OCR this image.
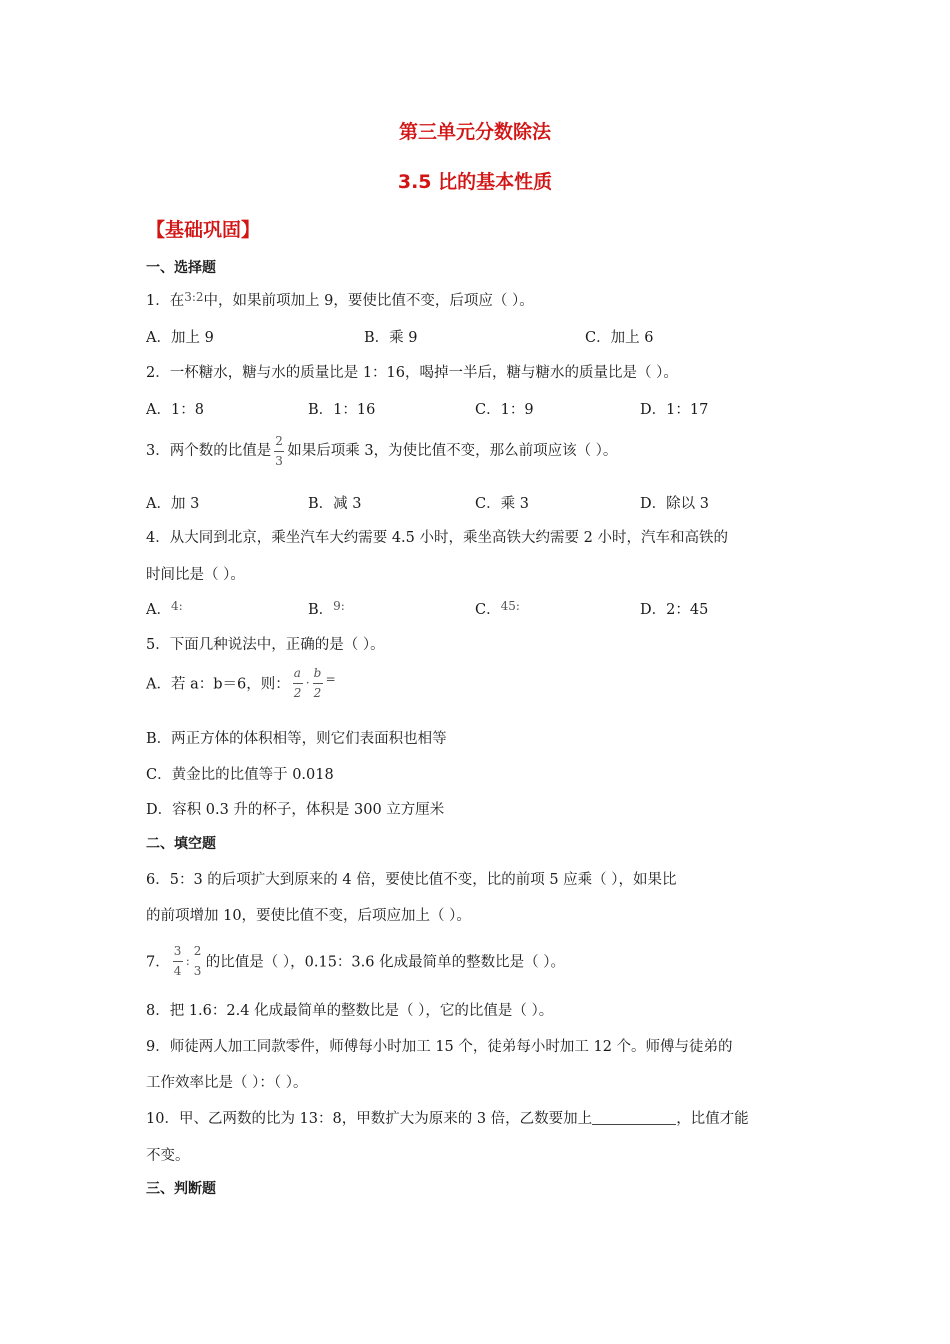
第三单元分数除法
3.5 比的基本性质
【基础巩固】
一、选择题
1．在$^{3:2}$中，如果前项加上 9，要使比值不变，后项应（ ）。
A．加上 9	B．乘 9	C．加上 6
2．一杯糖水，糖与水的质量比是 1：16，喝掉一半后，糖与糖水的质量比是（ ）。
A．1：8	B．1：16	C．1：9	D．1：17
3．两个数的比值是 $\frac{2}{3}$ 如果后项乘 3，为使比值不变，那么前项应该（ ）。
A．加 3	B．减 3	C．乘 3	D．除以 3
4．从大同到北京，乘坐汽车大约需要 4.5 小时，乘坐高铁大约需要 2 小时，汽车和高铁的
时间比是（ ）。
A．$^{4:}$	B．$^{9:}$	C．$^{45:}$	D．2：45
5．下面几种说法中，正确的是（ ）。
A．若 a：b＝6，则： $\frac{a}{2} \cdot \frac{b}{2} ^=$
B．两正方体的体积相等，则它们表面积也相等
C．黄金比的比值等于 0.018
D．容积 0.3 升的杯子，体积是 300 立方厘米
二、填空题
6．5：3 的后项扩大到原来的 4 倍，要使比值不变，比的前项 5 应乘（ ），如果比
的前项增加 10，要使比值不变，后项应加上（ ）。
7． $\frac{3}{4}$ :
2
3
的比值是（ ），0.15：3.6 化成最简单的整数比是（ ）。
8．把 1.6：2.4 化成最简单的整数比是（ ），它的比值是（ ）。
9．师徒两人加工同款零件，师傅每小时加工 15 个，徒弟每小时加工 12 个。师傅与徒弟的
工作效率比是（ ）：（ ）。
10．甲、乙两数的比为 13：8，甲数扩大为原来的 3 倍，乙数要加上	，比值才能
不变。
三、判断题
